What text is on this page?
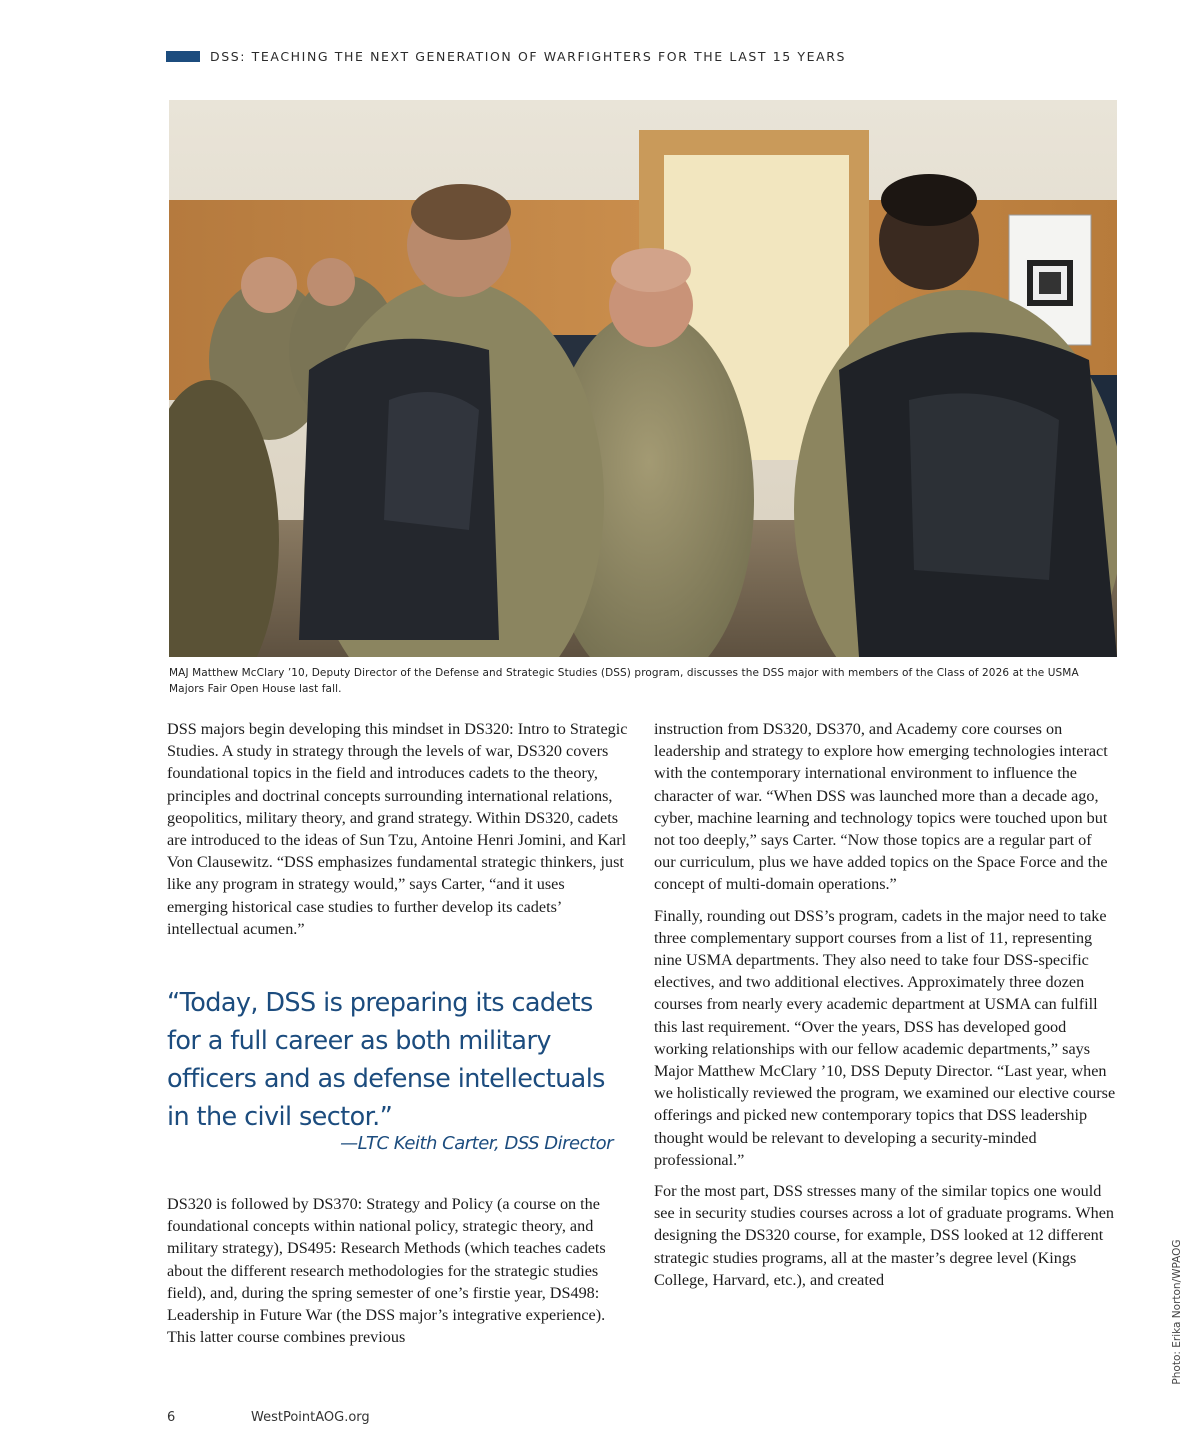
DSS: TEACHING THE NEXT GENERATION OF WARFIGHTERS FOR THE LAST 15 YEARS
MAJ Matthew McClary ’10, Deputy Director of the Defense and Strategic Studies (DSS) program, discusses the DSS major with members of the Class of 2026 at the USMA Majors Fair Open House last fall.

DSS majors begin developing this mindset in DS320: Intro to Strategic Studies. A study in strategy through the levels of war, DS320 covers foundational topics in the field and introduces cadets to the theory, principles and doctrinal concepts surrounding international relations, geopolitics, military theory, and grand strategy. Within DS320, cadets are introduced to the ideas of Sun Tzu, Antoine Henri Jomini, and Karl Von Clausewitz. “DSS emphasizes fundamental strategic thinkers, just like any program in strategy would,” says Carter, “and it uses emerging historical case studies to further develop its cadets’ intellectual acumen.”

“Today, DSS is preparing its cadets for a full career as both military officers and as defense intellectuals in the civil sector.”
—LTC Keith Carter, DSS Director

DS320 is followed by DS370: Strategy and Policy (a course on the foundational concepts within national policy, strategic theory, and military strategy), DS495: Research Methods (which teaches cadets about the different research methodologies for the strategic studies field), and, during the spring semester of one’s firstie year, DS498: Leadership in Future War (the DSS major’s integrative experience). This latter course combines previous

instruction from DS320, DS370, and Academy core courses on leadership and strategy to explore how emerging technologies interact with the contemporary international environment to influence the character of war. “When DSS was launched more than a decade ago, cyber, machine learning and technology topics were touched upon but not too deeply,” says Carter. “Now those topics are a regular part of our curriculum, plus we have added topics on the Space Force and the concept of multi-domain operations.”

Finally, rounding out DSS’s program, cadets in the major need to take three complementary support courses from a list of 11, representing nine USMA departments. They also need to take four DSS-specific electives, and two additional electives. Approximately three dozen courses from nearly every academic department at USMA can fulfill this last requirement. “Over the years, DSS has developed good working relationships with our fellow academic departments,” says Major Matthew McClary ’10, DSS Deputy Director. “Last year, when we holistically reviewed the program, we examined our elective course offerings and picked new contemporary topics that DSS leadership thought would be relevant to developing a security-minded professional.”

For the most part, DSS stresses many of the similar topics one would see in security studies courses across a lot of graduate programs. When designing the DS320 course, for example, DSS looked at 12 different strategic studies programs, all at the master’s degree level (Kings College, Harvard, etc.), and created	Photo: Erika Norton/WPAOG
6	WestPointAOG.org
